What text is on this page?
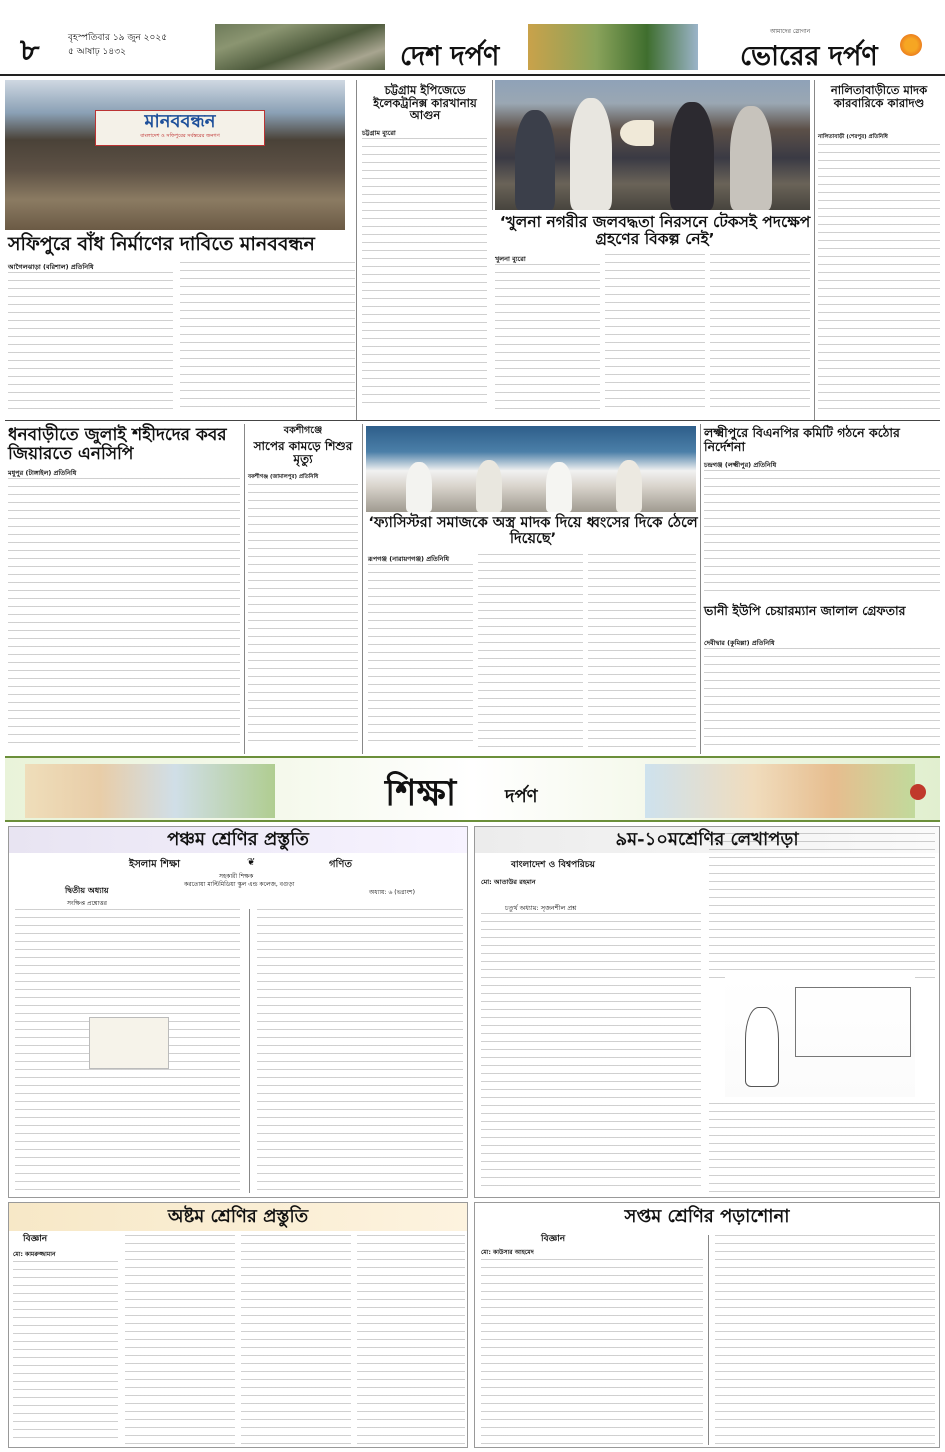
৮	বৃহস্পতিবার ১৯ জুন ২০২৫
৫ আষাঢ় ১৪৩২	দেশ দর্পণ
আমাদের স্লোগান
ভোরের দর্পণ
মানববন্ধন
বাংলাদেশ ও সফিপুরের সর্বস্তরের জনগণ
সফিপুরে বাঁধ নির্মাণের দাবিতে মানববন্ধন
আগৈলঝাড়া (বরিশাল) প্রতিনিধি
চট্টগ্রাম ইপিজেডে ইলেকট্রনিক্স কারখানায় আগুন
চট্টগ্রাম ব্যুরো
‘খুলনা নগরীর জলবদ্ধতা নিরসনে টেকসই পদক্ষেপ গ্রহণের বিকল্প নেই’
খুলনা ব্যুরো
নালিতাবাড়ীতে মাদক কারবারিকে কারাদণ্ড
নালিতাবাড়ী (শেরপুর) প্রতিনিধি
ধনবাড়ীতে জুলাই শহীদদের কবর জিয়ারতে এনসিপি
মধুপুর (টাঙ্গাইল) প্রতিনিধি
বকশীগঞ্জে
সাপের কামড়ে শিশুর মৃত্যু
বকশীগঞ্জ (জামালপুর) প্রতিনিধি
‘ফ্যাসিস্টরা সমাজকে অস্ত্র মাদক দিয়ে ধ্বংসের দিকে ঠেলে দিয়েছে’
রূপগঞ্জ (নারায়ণগঞ্জ) প্রতিনিধি
লক্ষ্মীপুরে বিএনপির কমিটি গঠনে কঠোর নির্দেশনা
চন্দ্রগঞ্জ (লক্ষ্মীপুর) প্রতিনিধি
ভানী ইউপি চেয়ারম্যান জালাল গ্রেফতার
দেবীদ্বার (কুমিল্লা) প্রতিনিধি
শিক্ষা	দর্পণ
পঞ্চম শ্রেণির প্রস্তুতি
ইসলাম শিক্ষা	❦	গণিত
সহকারী শিক্ষক
করতোয়া মাল্টিমিডিয়া স্কুল এন্ড কলেজ, বগুড়া
দ্বিতীয় অধ্যায়
সংক্ষিপ্ত প্রশ্নোত্তর
অধ্যায়: ৬ (ভগ্নাংশ)
৯ম-১০মশ্রেণির লেখাপড়া
বাংলাদেশ ও বিশ্বপরিচয়
মো: আতাউর রহমান
চতুর্থ অধ্যায়: সৃজনশীল প্রশ্ন
অষ্টম শ্রেণির প্রস্তুতি
বিজ্ঞান
মো: কামরুজ্জামান
সপ্তম শ্রেণির পড়াশোনা
বিজ্ঞান
মো: কাউসার আহমেদ
